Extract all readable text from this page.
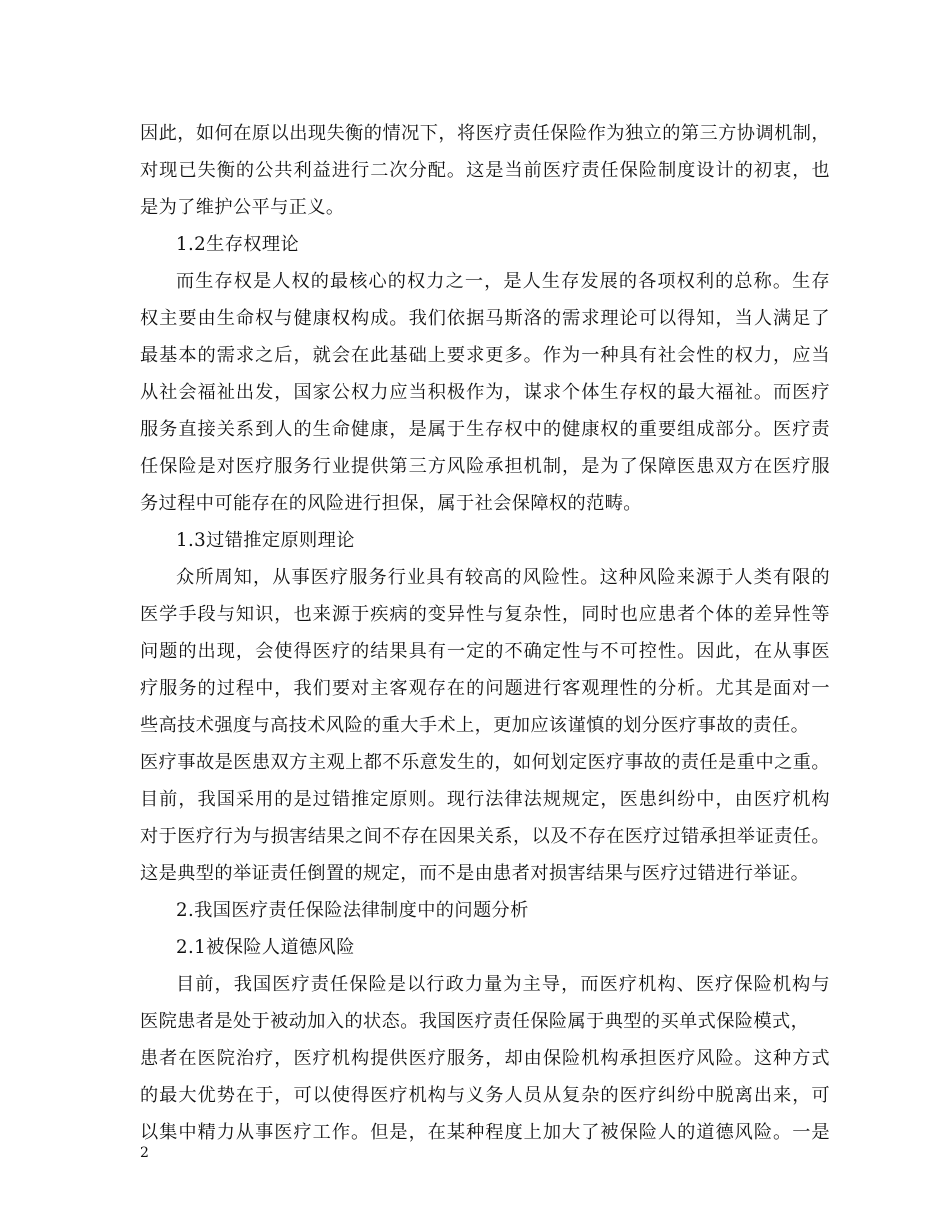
因此，如何在原以出现失衡的情况下，将医疗责任保险作为独立的第三方协调机制，
对现已失衡的公共利益进行二次分配。这是当前医疗责任保险制度设计的初衷，也
是为了维护公平与正义。
1.2生存权理论
而生存权是人权的最核心的权力之一，是人生存发展的各项权利的总称。生存
权主要由生命权与健康权构成。我们依据马斯洛的需求理论可以得知，当人满足了
最基本的需求之后，就会在此基础上要求更多。作为一种具有社会性的权力，应当
从社会福祉出发，国家公权力应当积极作为，谋求个体生存权的最大福祉。而医疗
服务直接关系到人的生命健康，是属于生存权中的健康权的重要组成部分。医疗责
任保险是对医疗服务行业提供第三方风险承担机制，是为了保障医患双方在医疗服
务过程中可能存在的风险进行担保，属于社会保障权的范畴。
1.3过错推定原则理论
众所周知，从事医疗服务行业具有较高的风险性。这种风险来源于人类有限的
医学手段与知识，也来源于疾病的变异性与复杂性，同时也应患者个体的差异性等
问题的出现，会使得医疗的结果具有一定的不确定性与不可控性。因此，在从事医
疗服务的过程中，我们要对主客观存在的问题进行客观理性的分析。尤其是面对一
些高技术强度与高技术风险的重大手术上，更加应该谨慎的划分医疗事故的责任。
医疗事故是医患双方主观上都不乐意发生的，如何划定医疗事故的责任是重中之重。
目前，我国采用的是过错推定原则。现行法律法规规定，医患纠纷中，由医疗机构
对于医疗行为与损害结果之间不存在因果关系，以及不存在医疗过错承担举证责任。
这是典型的举证责任倒置的规定，而不是由患者对损害结果与医疗过错进行举证。
2.我国医疗责任保险法律制度中的问题分析
2.1被保险人道德风险
目前，我国医疗责任保险是以行政力量为主导，而医疗机构、医疗保险机构与
医院患者是处于被动加入的状态。我国医疗责任保险属于典型的买单式保险模式，
患者在医院治疗，医疗机构提供医疗服务，却由保险机构承担医疗风险。这种方式
的最大优势在于，可以使得医疗机构与义务人员从复杂的医疗纠纷中脱离出来，可
以集中精力从事医疗工作。但是，在某种程度上加大了被保险人的道德风险。一是
2
